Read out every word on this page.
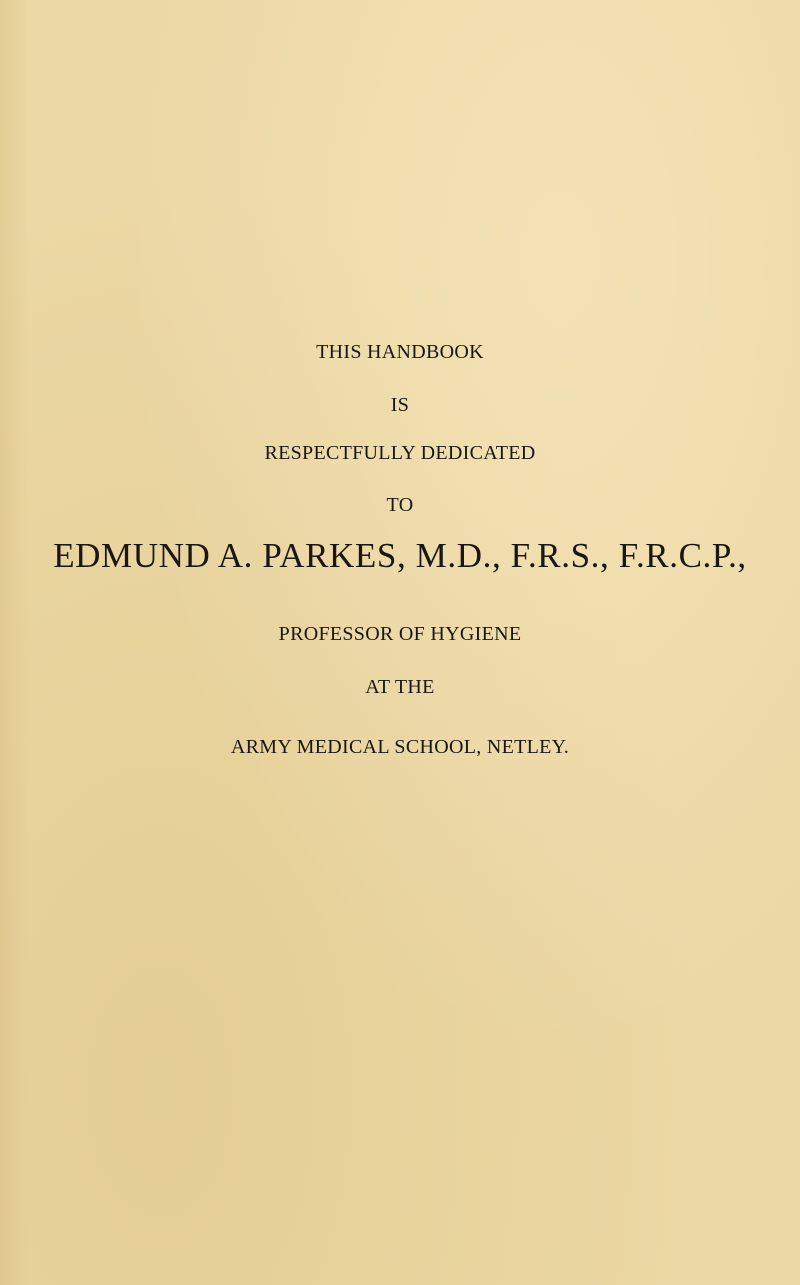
THIS HANDBOOK
IS
RESPECTFULLY DEDICATED
TO
EDMUND A. PARKES, M.D., F.R.S., F.R.C.P.,
PROFESSOR OF HYGIENE
AT THE
ARMY MEDICAL SCHOOL, NETLEY.
